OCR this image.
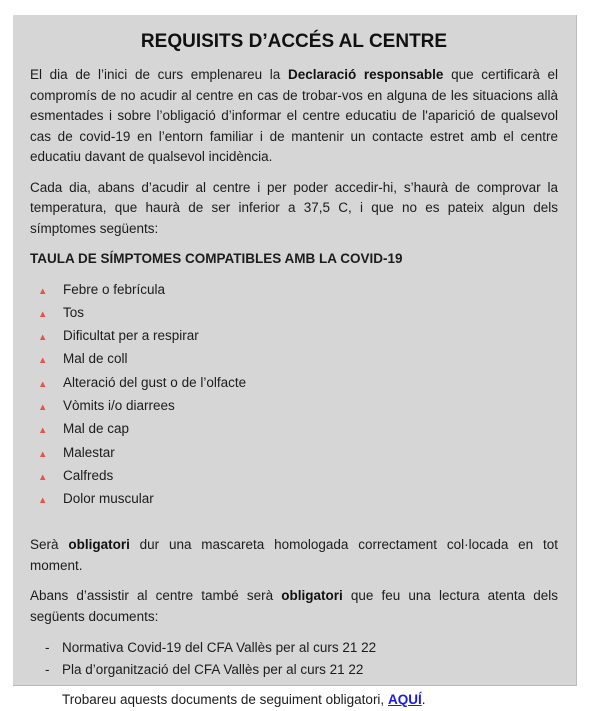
REQUISITS D’ACCÉS AL CENTRE

El dia de l’inici de curs emplenareu la Declaració responsable que certificarà el compromís de no acudir al centre en cas de trobar-vos en alguna de les situacions allà esmentades i sobre l’obligació d’informar el centre educatiu de l'aparició de qualsevol cas de covid-19 en l’entorn familiar i de mantenir un contacte estret amb el centre educatiu davant de qualsevol incidència.

Cada dia, abans d’acudir al centre i per poder accedir-hi, s’haurà de comprovar la temperatura, que haurà de ser inferior a 37,5 C, i que no es pateix algun dels símptomes següents:

TAULA DE SÍMPTOMES COMPATIBLES AMB LA COVID-19
▲	Febre o febrícula
▲	Tos
▲	Dificultat per a respirar
▲	Mal de coll
▲	Alteració del gust o de l’olfacte
▲	Vòmits i/o diarrees
▲	Mal de cap
▲	Malestar
▲	Calfreds
▲	Dolor muscular

Serà obligatori dur una mascareta homologada correctament col·locada en tot moment.

Abans d’assistir al centre també serà obligatori que feu una lectura atenta dels següents documents:

- Normativa Covid-19 del CFA Vallès per al curs 21 22
- Pla d’organització del CFA Vallès per al curs 21 22

Trobareu aquests documents de seguiment obligatori, AQUÍ.
